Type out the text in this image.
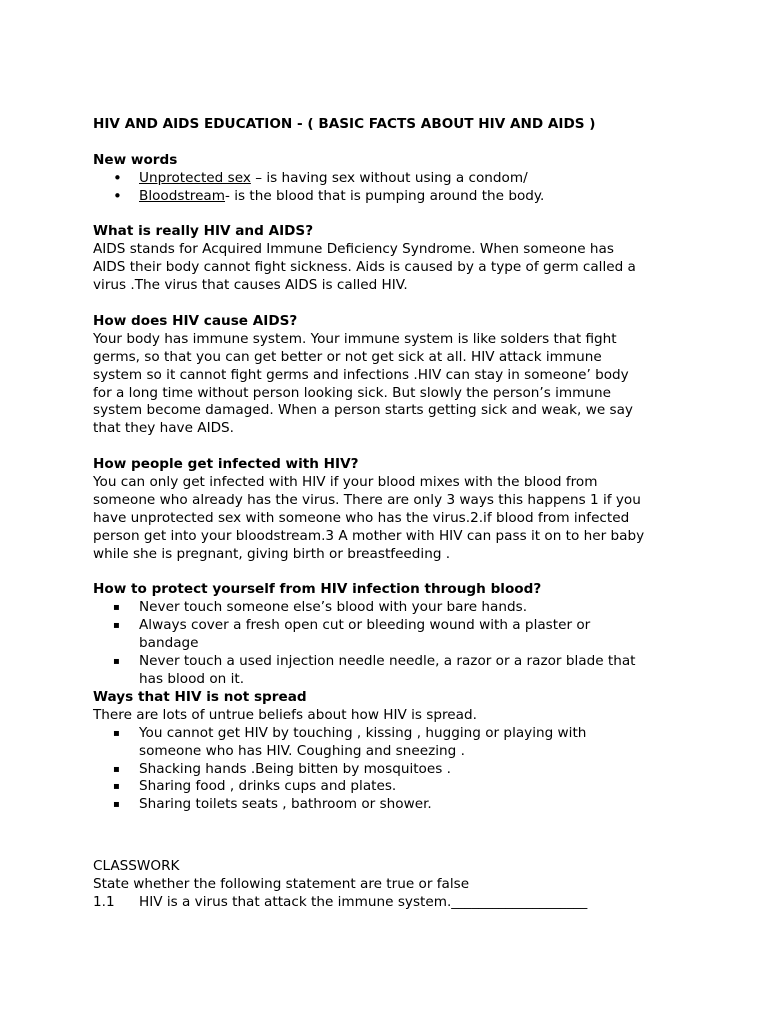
HIV AND AIDS EDUCATION - ( BASIC FACTS ABOUT HIV AND AIDS )

New words

• Unprotected sex – is having sex without using a condom/
• Bloodstream- is the blood that is pumping around the body.

What is really HIV and AIDS?

AIDS stands for Acquired Immune Deficiency Syndrome. When someone has

AIDS their body cannot fight sickness. Aids is caused by a type of germ called a

virus .The virus that causes AIDS is called HIV.

How does HIV cause AIDS?

Your body has immune system. Your immune system is like solders that fight

germs, so that you can get better or not get sick at all. HIV attack immune

system so it cannot fight germs and infections .HIV can stay in someone’ body

for a long time without person looking sick. But slowly the person’s immune

system become damaged. When a person starts getting sick and weak, we say

that they have AIDS.

How people get infected with HIV?

You can only get infected with HIV if your blood mixes with the blood from

someone who already has the virus. There are only 3 ways this happens 1 if you

have unprotected sex with someone who has the virus.2.if blood from infected

person get into your bloodstream.3 A mother with HIV can pass it on to her baby

while she is pregnant, giving birth or breastfeeding .

How to protect yourself from HIV infection through blood?

▪ Never touch someone else’s blood with your bare hands.
▪ Always cover a fresh open cut or bleeding wound with a plaster or
bandage
▪ Never touch a used injection needle needle, a razor or a razor blade that
has blood on it.

Ways that HIV is not spread

There are lots of untrue beliefs about how HIV is spread.

▪ You cannot get HIV by touching , kissing , hugging or playing with
someone who has HIV. Coughing and sneezing .
▪ Shacking hands .Being bitten by mosquitoes .
▪ Sharing food , drinks cups and plates.
▪ Sharing toilets seats , bathroom or shower.

CLASSWORK

State whether the following statement are true or false

1.1 HIV is a virus that attack the immune system.____________________
